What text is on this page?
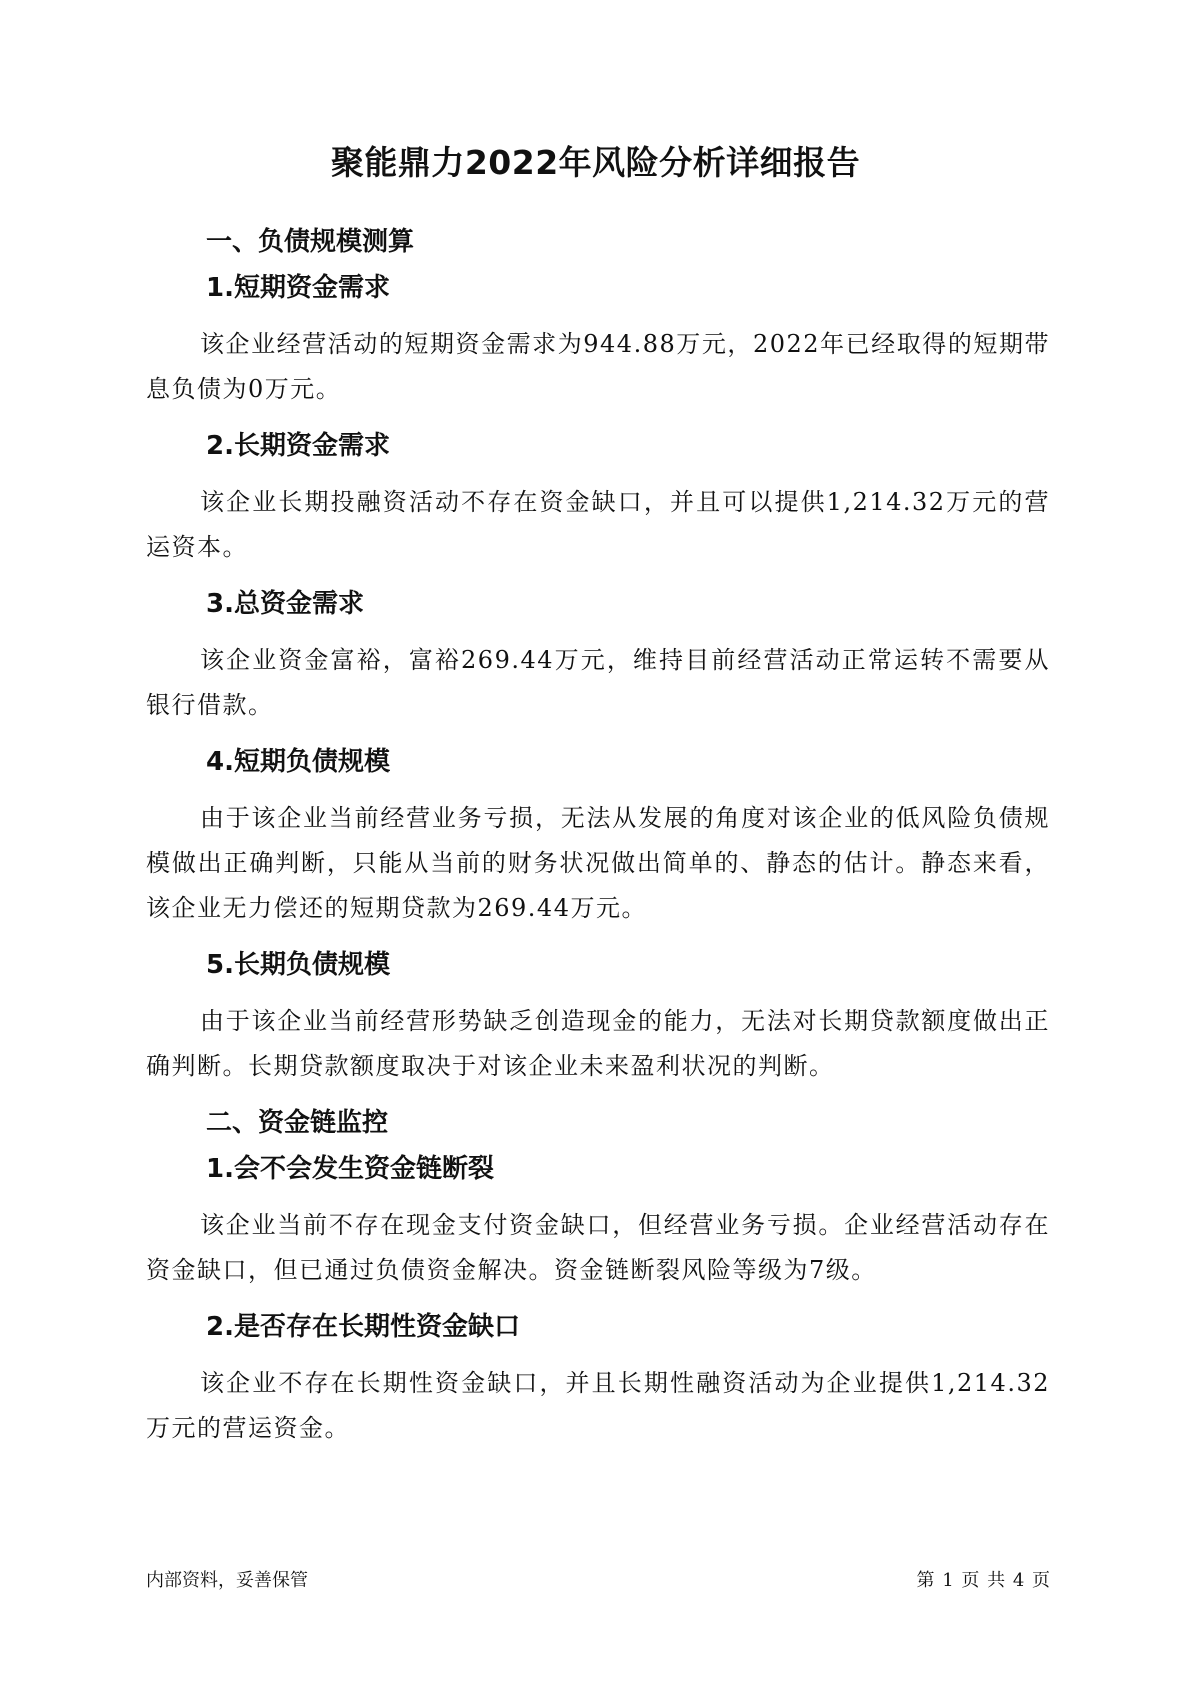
聚能鼎力2022年风险分析详细报告
一、负债规模测算
1.短期资金需求

该企业经营活动的短期资金需求为944.88万元，2022年已经取得的短期带息负债为0万元。

2.长期资金需求

该企业长期投融资活动不存在资金缺口，并且可以提供1,214.32万元的营运资本。

3.总资金需求

该企业资金富裕，富裕269.44万元，维持目前经营活动正常运转不需要从银行借款。

4.短期负债规模

由于该企业当前经营业务亏损，无法从发展的角度对该企业的低风险负债规模做出正确判断，只能从当前的财务状况做出简单的、静态的估计。静态来看，该企业无力偿还的短期贷款为269.44万元。

5.长期负债规模

由于该企业当前经营形势缺乏创造现金的能力，无法对长期贷款额度做出正确判断。长期贷款额度取决于对该企业未来盈利状况的判断。

二、资金链监控
1.会不会发生资金链断裂

该企业当前不存在现金支付资金缺口，但经营业务亏损。企业经营活动存在资金缺口，但已通过负债资金解决。资金链断裂风险等级为7级。

2.是否存在长期性资金缺口

该企业不存在长期性资金缺口，并且长期性融资活动为企业提供1,214.32万元的营运资金。

内部资料，妥善保管	第 1 页 共 4 页
